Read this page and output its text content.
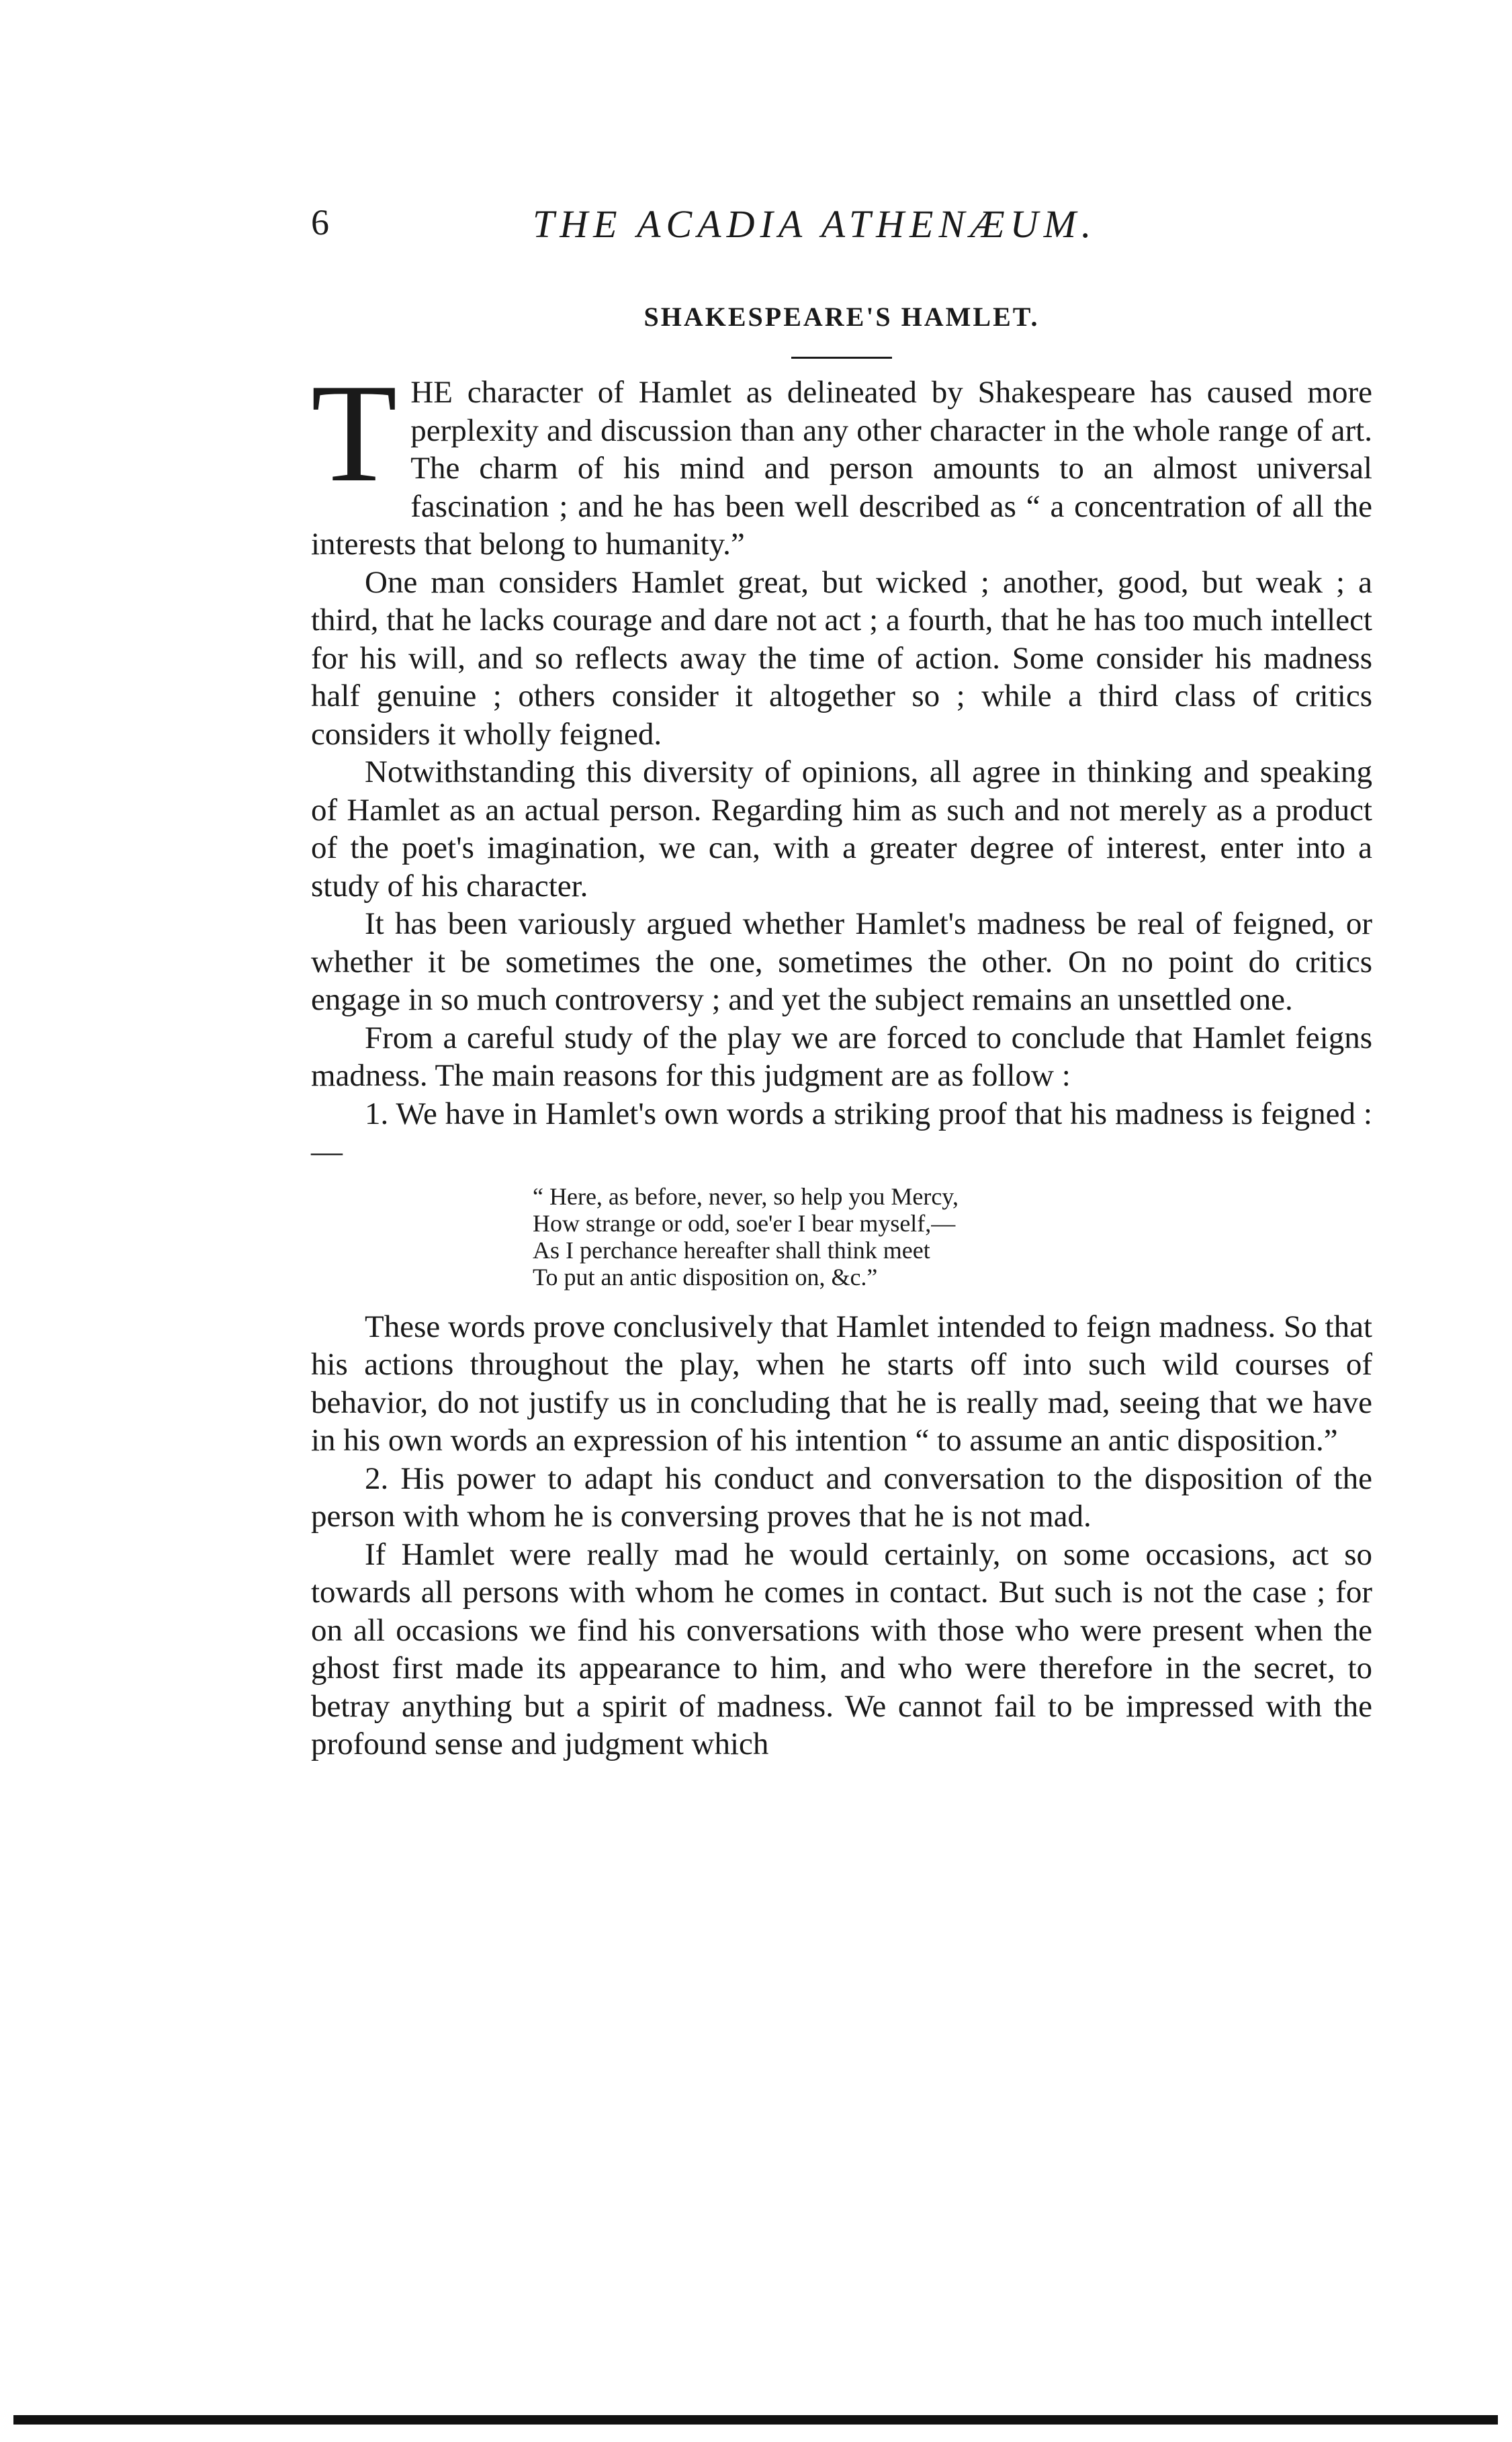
6	THE ACADIA ATHENÆUM.
SHAKESPEARE'S HAMLET.

THE character of Hamlet as delineated by Shakespeare has caused more perplexity and discussion than any other character in the whole range of art. The charm of his mind and person amounts to an almost universal fascination ; and he has been well described as “ a concentration of all the interests that belong to humanity.”

One man considers Hamlet great, but wicked ; another, good, but weak ; a third, that he lacks courage and dare not act ; a fourth, that he has too much intellect for his will, and so reflects away the time of action. Some consider his madness half genuine ; others consider it altogether so ; while a third class of critics considers it wholly feigned.

Notwithstanding this diversity of opinions, all agree in thinking and speaking of Hamlet as an actual person. Regarding him as such and not merely as a product of the poet's imagination, we can, with a greater degree of interest, enter into a study of his character.

It has been variously argued whether Hamlet's madness be real of feigned, or whether it be sometimes the one, sometimes the other. On no point do critics engage in so much controversy ; and yet the subject remains an unsettled one.

From a careful study of the play we are forced to conclude that Hamlet feigns madness. The main reasons for this judgment are as follow :

1. We have in Hamlet's own words a striking proof that his madness is feigned :—

“ Here, as before, never, so help you Mercy,
How strange or odd, soe'er I bear myself,—
As I perchance hereafter shall think meet
To put an antic disposition on, &c.”

These words prove conclusively that Hamlet intended to feign madness. So that his actions throughout the play, when he starts off into such wild courses of behavior, do not justify us in concluding that he is really mad, seeing that we have in his own words an expression of his intention “ to assume an antic disposition.”

2. His power to adapt his conduct and conversation to the disposition of the person with whom he is conversing proves that he is not mad.

If Hamlet were really mad he would certainly, on some occasions, act so towards all persons with whom he comes in contact. But such is not the case ; for on all occasions we find his conversations with those who were present when the ghost first made its appearance to him, and who were therefore in the secret, to betray anything but a spirit of madness. We cannot fail to be impressed with the profound sense and judgment which
